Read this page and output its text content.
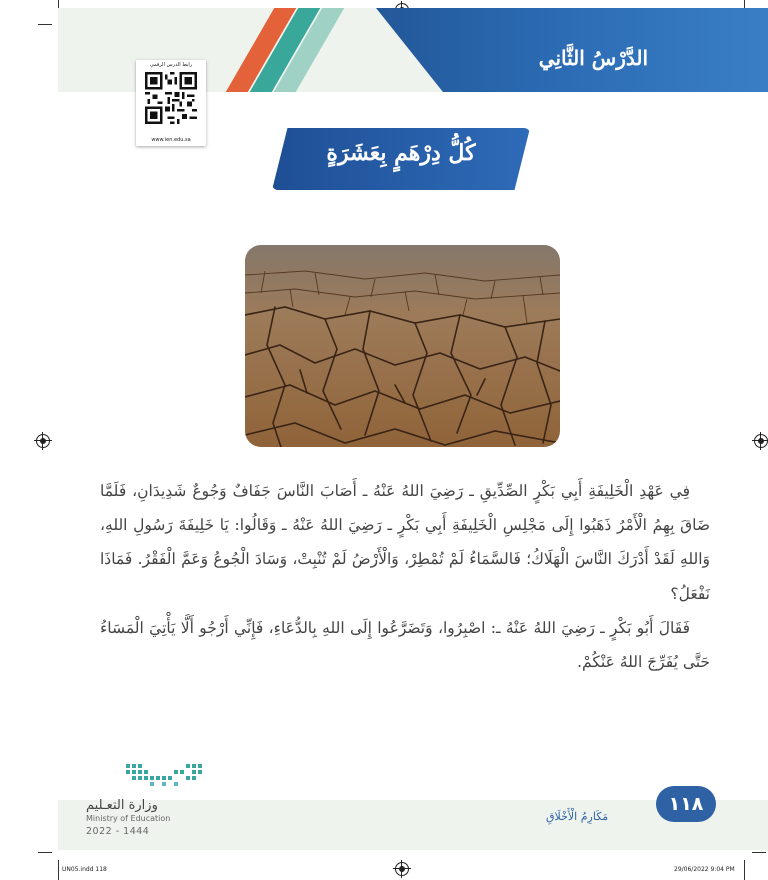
الدَّرْسُ الثَّانِي
رابط الدرس الرقمي
www.ien.edu.sa	كُلُّ دِرْهَمٍ بِعَشَرَةٍ

فِي عَهْدِ الْخَلِيفَةِ أَبِي بَكْرٍ الصِّدِّيقِ ـ رَضِيَ اللهُ عَنْهُ ـ أَصَابَ النَّاسَ جَفَافٌ وَجُوعٌ شَدِيدَانِ، فَلَمَّا ضَاقَ بِهِمُ الْأَمْرُ ذَهَبُوا إِلَى مَجْلِسِ الْخَلِيفَةِ أَبِي بَكْرٍ ـ رَضِيَ اللهُ عَنْهُ ـ وَقَالُوا: يَا خَلِيفَةَ رَسُولِ اللهِ، وَاللهِ لَقَدْ أَدْرَكَ النَّاسَ الْهَلَاكُ؛ فَالسَّمَاءُ لَمْ تُمْطِرْ، وَالْأَرْضُ لَمْ تُنْبِتْ، وَسَادَ الْجُوعُ وَعَمَّ الْفَقْرُ. فَمَاذَا نَفْعَلُ؟

فَقَالَ أَبُو بَكْرٍ ـ رَضِيَ اللهُ عَنْهُ ـ: اصْبِرُوا، وَتَضَرَّعُوا إِلَى اللهِ بِالدُّعَاءِ، فَإِنِّي أَرْجُو أَلَّا يَأْتِيَ الْمَسَاءُ حَتَّى يُفَرِّجَ اللهُ عَنْكُمْ.

وزارة التعـليم
Ministry of Education
2022 - 1444
مَكَارِمُ الْأَخْلَاقِ
١١٨
UN05.indd 118	29/06/2022 9:04 PM
